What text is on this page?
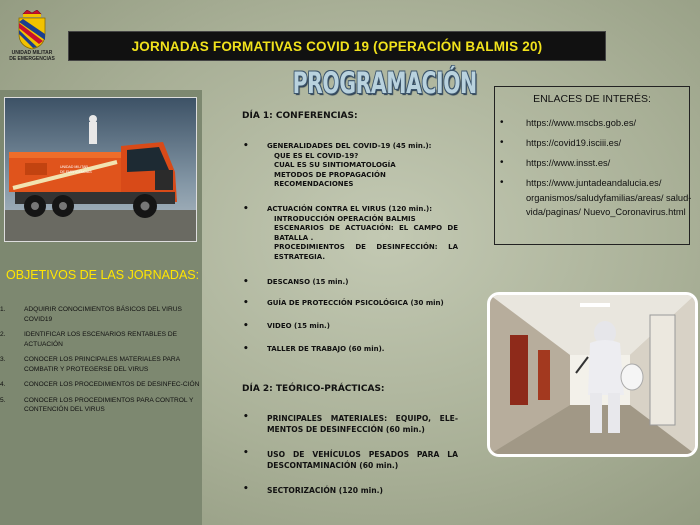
UNIDAD MILITAR
DE EMERGENCIAS
JORNADAS FORMATIVAS COVID 19 (OPERACIÓN BALMIS 20)
PROGRAMACIÓN
UNIDAD MILITAR
DE EMERGENCIAS
OBJETIVOS DE LAS JORNADAS:
1.	ADQUIRIR CONOCIMIENTOS BÁSICOS DEL VIRUS COVID19
2.	IDENTIFICAR LOS ESCENARIOS RENTABLES DE ACTUACIÓN
3.	CONOCER LOS PRINCIPALES MATERIALES PARA COMBATIR Y PROTEGERSE DEL VIRUS
4.	CONOCER LOS PROCEDIMIENTOS DE DESINFEC-CIÓN
5.	CONOCER LOS PROCEDIMIENTOS PARA CONTROL Y CONTENCIÓN DEL VIRUS
DÍA 1: CONFERENCIAS:
•	GENERALIDADES DEL COVID-19 (45 min.):
QUE ES EL COVID-19?
CUAL ES SU SINTIOMATOLOGÍA
METODOS DE PROPAGACIÓN
RECOMENDACIONES
•	ACTUACIÓN CONTRA EL VIRUS (120 min.):
INTRODUCCIÓN OPERACIÓN BALMIS
ESCENARIOS DE ACTUACIÓN: EL CAMPO DE BATALLA .
PROCEDIMIENTOS DE DESINFECCIÓN: LA ESTRATEGIA.
•	DESCANSO (15 min.)
•	GUÍA DE PROTECCIÓN PSICOLÓGICA (30 min)
•	VIDEO (15 min.)
•	TALLER DE TRABAJO (60 min).
DÍA 2: TEÓRICO-PRÁCTICAS:
• PRINCIPALES MATERIALES: EQUIPO, ELE-MENTOS DE DESINFECCIÓN (60 min.)
• USO DE VEHÍCULOS PESADOS PARA LA DESCONTAMINACIÓN (60 min.)
• SECTORIZACIÓN (120 min.)
ENLACES DE INTERÉS:
• https://www.mscbs.gob.es/
• https://covid19.isciii.es/
• https://www.insst.es/
• https://www.juntadeandalucia.es/ organismos/saludyfamilias/areas/ salud-vida/paginas/ Nuevo_Coronavirus.html
